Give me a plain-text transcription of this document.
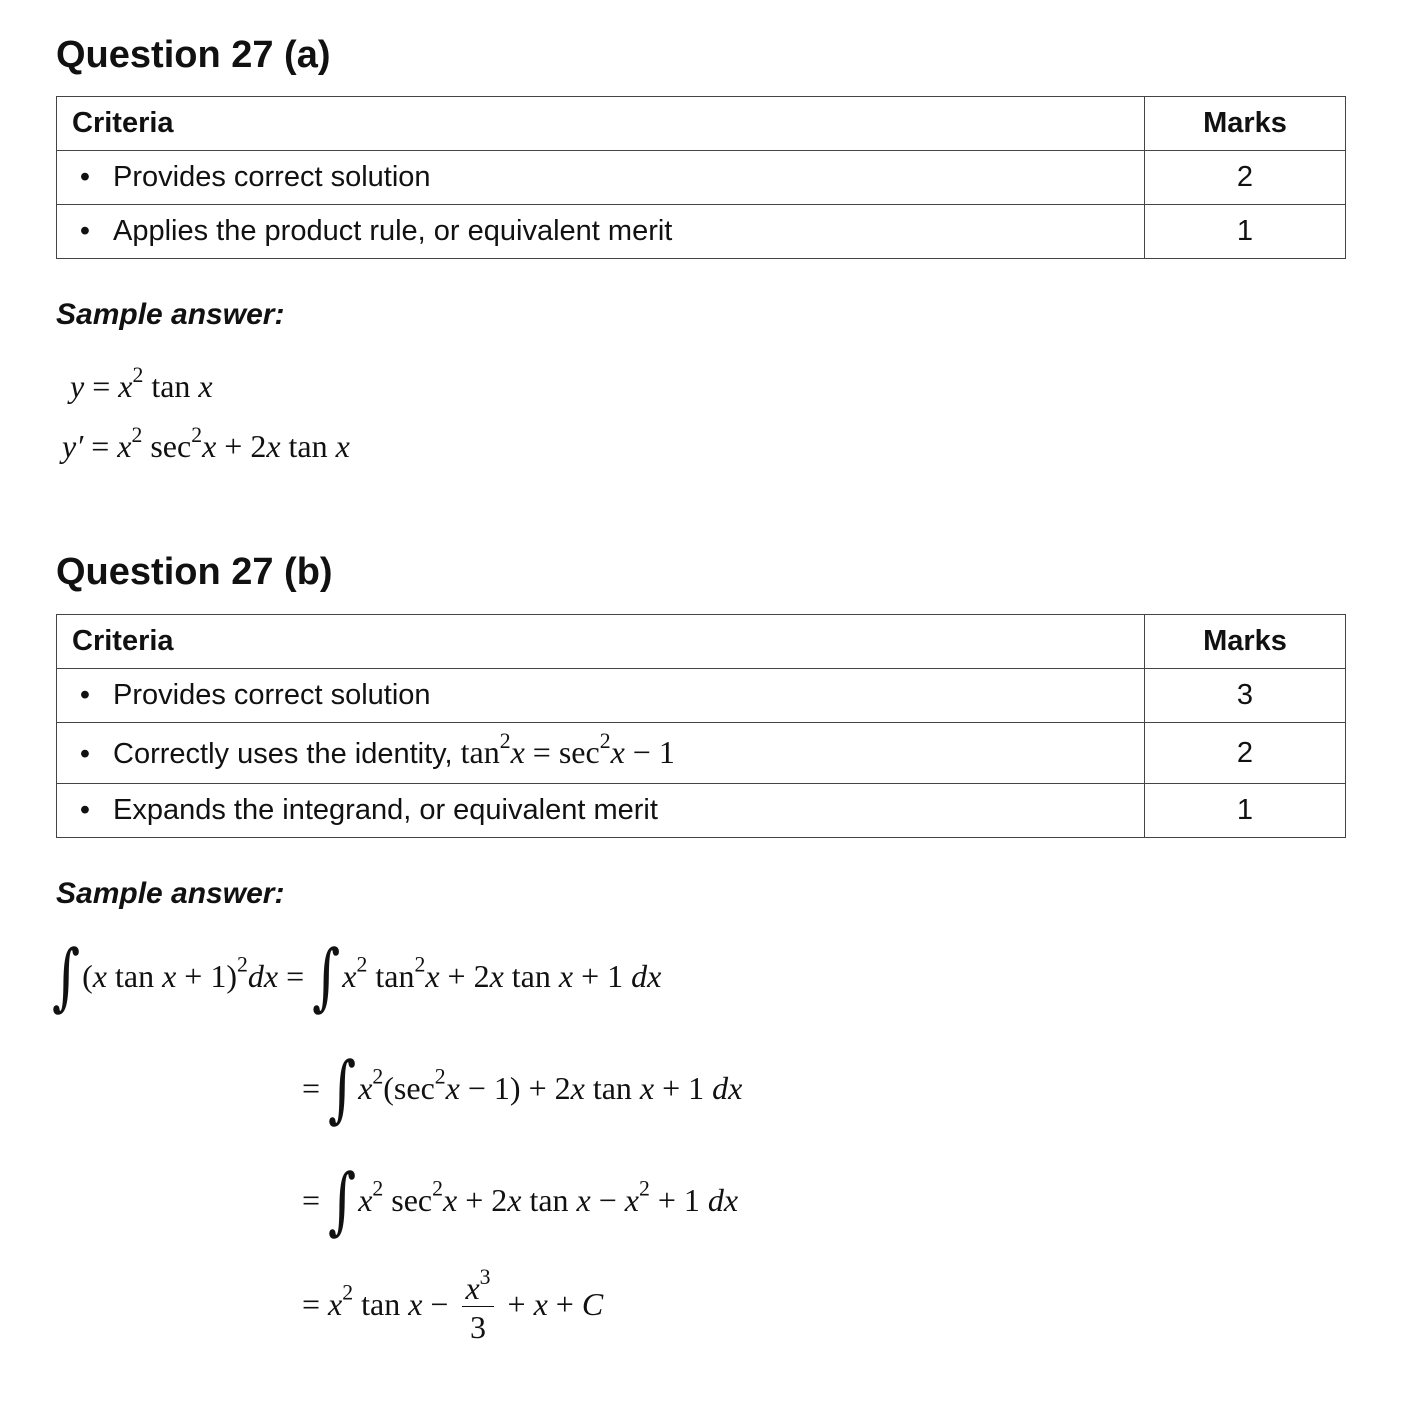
Question 27 (a)
Criteria	Marks
• Provides correct solution	2
• Applies the product rule, or equivalent merit	1

Sample answer:

$y = x^2$ tan x
$y' = x^2$ $\sec^2x + 2x$ tan x
Question 27 (b)
Criteria	Marks
• Provides correct solution	3
• Correctly uses the identity, $\tan^2x = \sec^2x - 1$	2
• Expands the integrand, or equivalent merit	1

Sample answer:

∫(x $\tan x + 1)^2dx = \int x^2$ $\tan^2x + 2x$ tan x + 1 dx
= $\int x^2(\sec^2x - 1) + 2x$ tan x + 1 dx
= $\int x^2$ $\sec^2x + 2x$ $\tan x - x^2 + 1$ dx
= $x^2$ $\tan x - \frac{x^3}{3} + x + C$
